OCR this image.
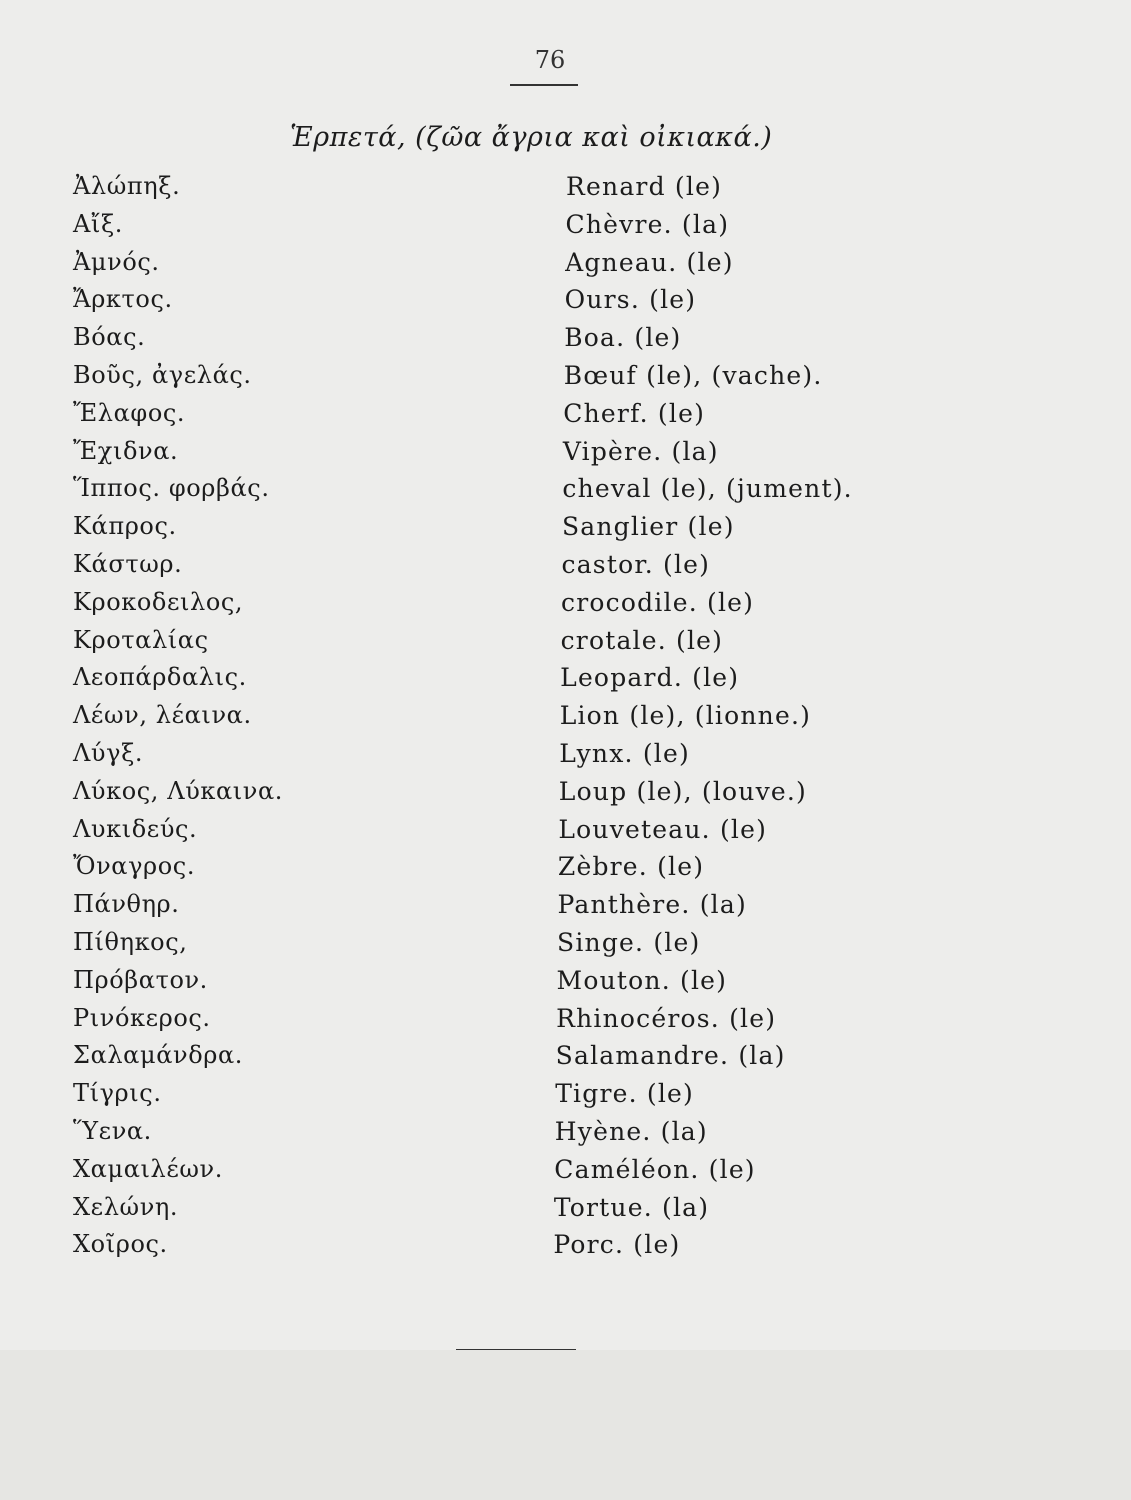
76
Ἑρπετά, (ζῶα ἄγρια καὶ οἰκιακά.)
Ἀλώπηξ.	Renard (le)
Αἴξ.	Chèvre. (la)
Ἀμνός.	Agneau. (le)
Ἄρκτος.	Ours. (le)
Βόας.	Boa. (le)
Βοῦς, ἀγελάς.	Bœuf (le), (vache).
Ἔλαφος.	Cherf. (le)
Ἔχιδνα.	Vipère. (la)
Ἵππος. φορβάς.	cheval (le), (jument).
Κάπρος.	Sanglier (le)
Κάστωρ.	castor. (le)
Κροκοδειλος,	crocodile. (le)
Κροταλίας	crotale. (le)
Λεοπάρδαλις.	Leopard. (le)
Λέων, λέαινα.	Lion (le), (lionne.)
Λύγξ.	Lynx. (le)
Λύκος, Λύκαινα.	Loup (le), (louve.)
Λυκιδεύς.	Louveteau. (le)
Ὄναγρος.	Zèbre. (le)
Πάνθηρ.	Panthère. (la)
Πίθηκος,	Singe. (le)
Πρόβατον.	Mouton. (le)
Ρινόκερος.	Rhinocéros. (le)
Σαλαμάνδρα.	Salamandre. (la)
Τίγρις.	Tigre. (le)
Ὕενα.	Hyène. (la)
Χαμαιλέων.	Caméléon. (le)
Χελώνη.	Tortue. (la)
Χοῖρος.	Porc. (le)
